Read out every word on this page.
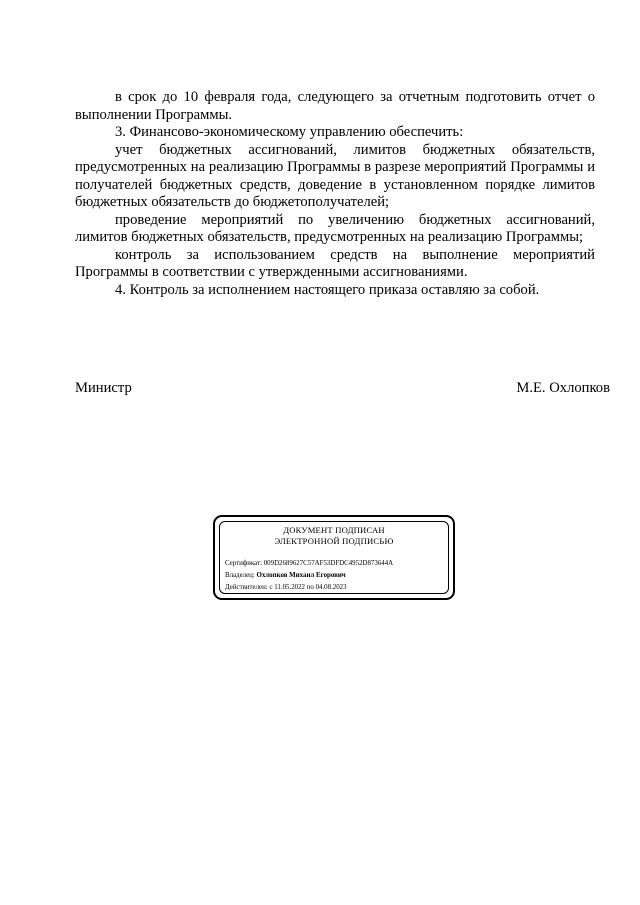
в срок до 10 февраля года, следующего за отчетным подготовить отчет о выполнении Программы.

3. Финансово-экономическому управлению обеспечить:

учет бюджетных ассигнований, лимитов бюджетных обязательств, предусмотренных на реализацию Программы в разрезе мероприятий Программы и получателей бюджетных средств, доведение в установленном порядке лимитов бюджетных обязательств до бюджетополучателей;

проведение мероприятий по увеличению бюджетных ассигнований, лимитов бюджетных обязательств, предусмотренных на реализацию Программы;

контроль за использованием средств на выполнение мероприятий Программы в соответствии с утвержденными ассигнованиями.

4. Контроль за исполнением настоящего приказа оставляю за собой.

Министр	М.Е. Охлопков
ДОКУМЕНТ ПОДПИСАН
ЭЛЕКТРОННОЙ ПОДПИСЬЮ
Сертификат: 009D2689627C57AF53DFDC4952D873644A
Владелец: Охлопков Михаил Егорович
Действителен: с 11.05.2022 по 04.08.2023
